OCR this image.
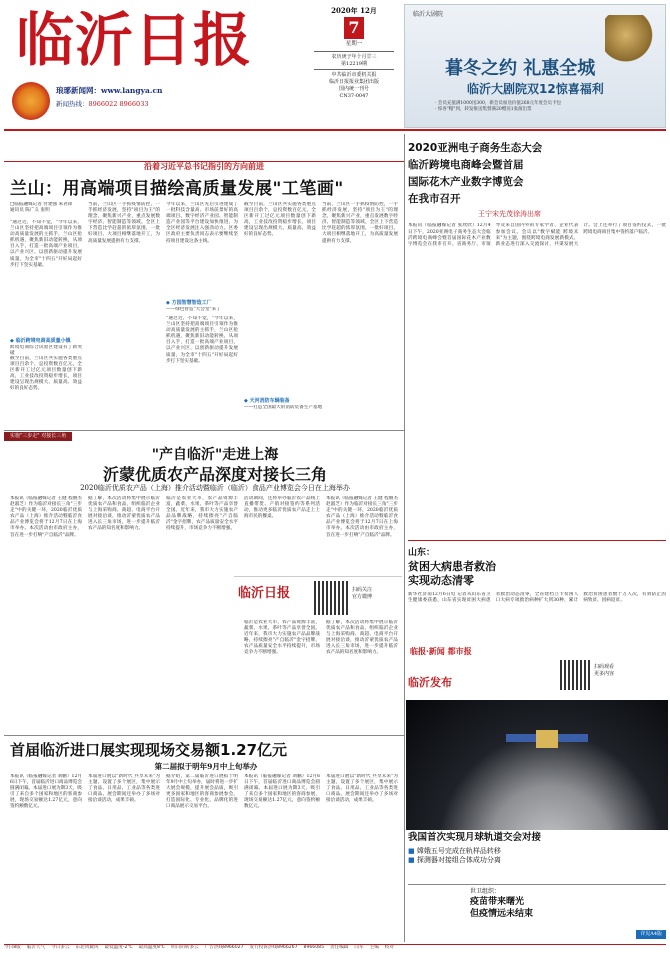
临沂日报
琅琊新闻网：www.langya.cn
新闻热线：8966022 8966033
2020年 12月
7
星期一
农历庚子年十月廿三
第12219期
中共临沂市委机关报
临沂日报报业集团出版
国内统一刊号
CN37-0047
临沂大剧院
暮冬之约 礼惠全城
临沂大剧院双12惊喜福利
· 会员充值满1000送300，新会员加送价值268元年度会员卡包
· 惊喜"帽"到，转发推送集赞满20赠送1张演出票
沿着习近平总书记指引的方向前进
兰山：用高端项目描绘高质量发展"工笔画"
□临报融媒记者 付建强 朱君锋
通讯员 陈广义 张明
"通过近，不知不觉，"今年以来，兰山区坚持把高端项目引领作为推动高质量发展的主抓手，兰山区抢抓机遇，聚焦新旧动能转换，从项目入手，打造一批高端产业项目，以产业兴区、以创新驱动提升发展质量，为全市"十四五"开好局起好步打下坚实基础。
◆ 临沂跨境电商高质量小镇
跨境电商综合试验区建设有了新突破
截至目前，兰山区共实施各类重点项目百余个，总投资数百亿元。全区新开工过亿元项目数量创下新高，工业技改投资稳步增长，项目建设呈现出规模大、质量高、效益好的良好态势。
当前，兰山区一手抓疫情防控，一手抓经济发展，坚持"项目为王"的理念，聚焦新兴产业，重点发展数字经济、智能制造等领域。全区上下营造比学赶超的浓厚氛围，一批好项目、大项目相继落地开工，为高质量发展提供有力支撑。
今年以来，兰山区先后引进建成了一批科技含量高、市场前景好的高端项目。数字经济产业园、智能制造产业园等平台建设加快推进，为全区经济发展注入强劲动力。区委区政府主要负责同志表示要继续坚持项目建设这条主线。
◆ 方园智慧智造工厂
——绿色智造"大会堂"来了
"通过近，不知不觉，"今年以来，兰山区坚持把高端项目引领作为推动高质量发展的主抓手，兰山区抢抓机遇，聚焦新旧动能转换，从项目入手，打造一批高端产业项目，以产业兴区、以创新驱动提升发展质量，为全市"十四五"开好局起好步打下坚实基础。
截至目前，兰山区共实施各类重点项目百余个，总投资数百亿元。全区新开工过亿元项目数量创下新高，工业技改投资稳步增长，项目建设呈现出规模大、质量高、效益好的良好态势。
◆ 天河消防车辆装备
——打造全国最大的消防装备生产基地
当前，兰山区一手抓疫情防控，一手抓经济发展，坚持"项目为王"的理念，聚焦新兴产业，重点发展数字经济、智能制造等领域。全区上下营造比学赶超的浓厚氛围，一批好项目、大项目相继落地开工，为高质量发展提供有力支撑。
2020亚洲电子商务生态大会
临沂跨境电商峰会暨首届
国际花木产业数字博览会
在我市召开
王宁宋先茂徐涛出席
本报讯（临报融媒记者 张欣欣）12月4日下午，2020亚洲电子商务生态大会临沂跨境电商峰会暨首届国际花木产业数字博览会在我市召开。省商务厅、市领导及来自国内外的专家学者、企业代表参加会议。会议以"数字赋能 跨境未来"为主题，围绕跨境电商发展新模式、新业态进行深入交流探讨，共谋发展大计。会上还举行了项目签约仪式，一批跨境电商项目集中签约落户临沂。
山东：
贫困大病患者救治
实现动态清零
新华社济南12月6日电 记者从山东省卫生健康委获悉，山东省实现贫困大病患者救治动态清零，全省建档立卡贫困人口大病专项救治病种扩大到30种，累计救治贫困患者数十万人次，有效防止因病致贫、因病返贫。
实施"三步走" 对接长三角
"产自临沂"走进上海
沂蒙优质农产品深度对接长三角
2020临沂优质农产品（上海）推介活动暨临沂（临沂）食品产业博览会今日在上海举办
本报讯（临报融媒记者 王健 程丽杰 赵淑芝）作为临沂对接长三角"三步走"中的关键一环，2020临沂优质农产品（上海）推介活动暨临沂食品产业博览会将于12月7日在上海市举办。本次活动由市政府主办，旨在进一步打响"产自临沂"品牌。
据了解，本次活动将集中展示临沂优质农产品和食品，组织临沂企业与上海采购商、商超、电商平台开展对接洽谈，推动沂蒙优质农产品进入长三角市场，进一步提升临沂农产品的知名度和影响力。
临沂是农业大市，农产品资源丰富，蔬菜、水果、茶叶等产品享誉全国。近年来，我市大力实施农产品品牌战略，持续擦亮"产自临沂"金字招牌，农产品质量安全水平持续提升，市场竞争力不断增强。
活动期间，还将举办临沂农产品线上直播带货、产销对接签约等系列活动，推动更多临沂优质农产品走上上海市民的餐桌。
本报讯（临报融媒记者 王健 程丽杰 赵淑芝）作为临沂对接长三角"三步走"中的关键一环，2020临沂优质农产品（上海）推介活动暨临沂食品产业博览会将于12月7日在上海市举办。本次活动由市政府主办，旨在进一步打响"产自临沂"品牌。
临沂日报	扫码关注
官方微博
临沂是农业大市，农产品资源丰富，蔬菜、水果、茶叶等产品享誉全国。近年来，我市大力实施农产品品牌战略，持续擦亮"产自临沂"金字招牌，农产品质量安全水平持续提升，市场竞争力不断增强。
据了解，本次活动将集中展示临沂优质农产品和食品，组织临沂企业与上海采购商、商超、电商平台开展对接洽谈，推动沂蒙优质农产品进入长三角市场，进一步提升临沂农产品的知名度和影响力。
首届临沂进口展实现现场交易额1.27亿元
第二届拟于明年9月中上旬举办
本报讯（临报融媒记者 刘鹏）12月6日下午，首届临沂进口商品博览会圆满闭幕。本届进口展为期3天，吸引了来自多个国家和地区的客商参展，现场交易额达1.27亿元，意向签约额数亿元。
本届进口展以"新时代 共享未来"为主题，设置了多个展区，集中展示了食品、日用品、工业品等各类进口商品。展会期间还举办了多场对接洽谈活动，成果丰硕。
据介绍，第二届临沂进口展拟于明年9月中上旬举办，届时将进一步扩大展会规模，提升展会品质，吸引更多国家和地区的客商参展参会，打造国际化、专业化、品牌化的进口商品展示交易平台。
本报讯（临报融媒记者 刘鹏）12月6日下午，首届临沂进口商品博览会圆满闭幕。本届进口展为期3天，吸引了来自多个国家和地区的客商参展，现场交易额达1.27亿元，意向签约额数亿元。
本届进口展以"新时代 共享未来"为主题，设置了多个展区，集中展示了食品、日用品、工业品等各类进口商品。展会期间还举办了多场对接洽谈活动，成果丰硕。
临沂发布
扫码观看
更多内容
临报·新闻 都市报
我国首次实现月球轨道交会对接
■ 嫦娥五号完成在轨样品转移
■ 探测器对接组合体成功分离
世卫组织：
疫苗带来曙光
但疫情远未结束
详见A4版
今日8版 临沂天气 今日多云 东北风微风 最低温度-2℃ 最高温度8℃ 明日阴转多云 广告热线8966027 发行投诉热线8966267 8966085 责任编辑 闫军 主编 校对
